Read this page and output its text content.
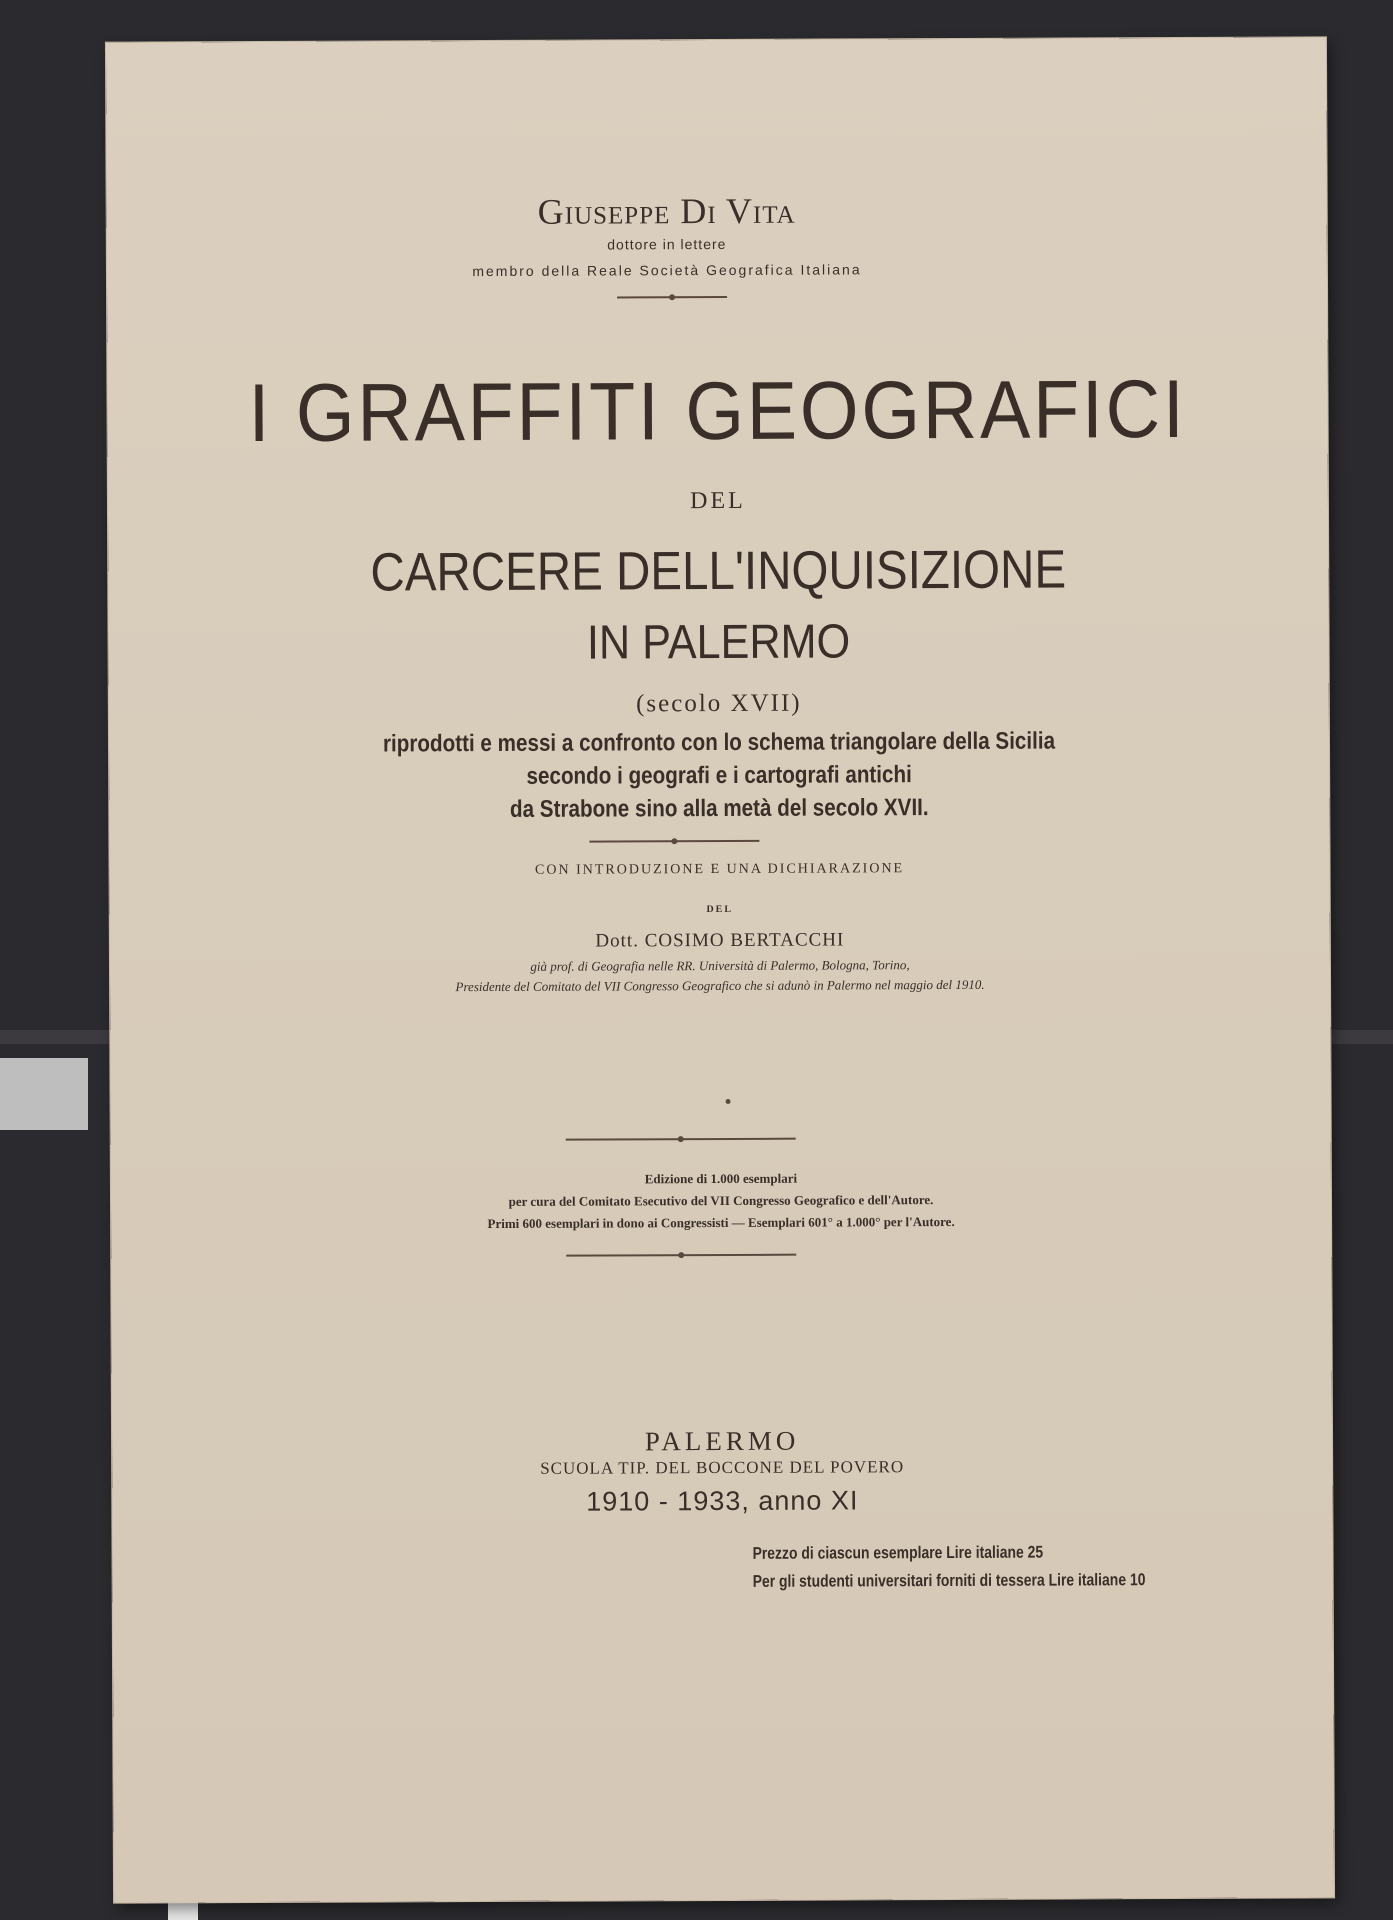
Giuseppe Di Vita
dottore in lettere
membro della Reale Società Geografica Italiana
I GRAFFITI GEOGRAFICI
DEL
CARCERE DELL'INQUISIZIONE
IN PALERMO
(secolo XVII)
riprodotti e messi a confronto con lo schema triangolare della Sicilia
secondo i geografi e i cartografi antichi
da Strabone sino alla metà del secolo XVII.
CON INTRODUZIONE E UNA DICHIARAZIONE
DEL
Dott. COSIMO BERTACCHI
già prof. di Geografia nelle RR. Università di Palermo, Bologna, Torino,
Presidente del Comitato del VII Congresso Geografico che si adunò in Palermo nel maggio del 1910.
Edizione di 1.000 esemplari
per cura del Comitato Esecutivo del VII Congresso Geografico e dell'Autore.
Primi 600 esemplari in dono ai Congressisti — Esemplari 601° a 1.000° per l'Autore.
PALERMO
SCUOLA TIP. DEL BOCCONE DEL POVERO
1910 - 1933, anno XI
Prezzo di ciascun esemplare Lire italiane 25
Per gli studenti universitari forniti di tessera Lire italiane 10
